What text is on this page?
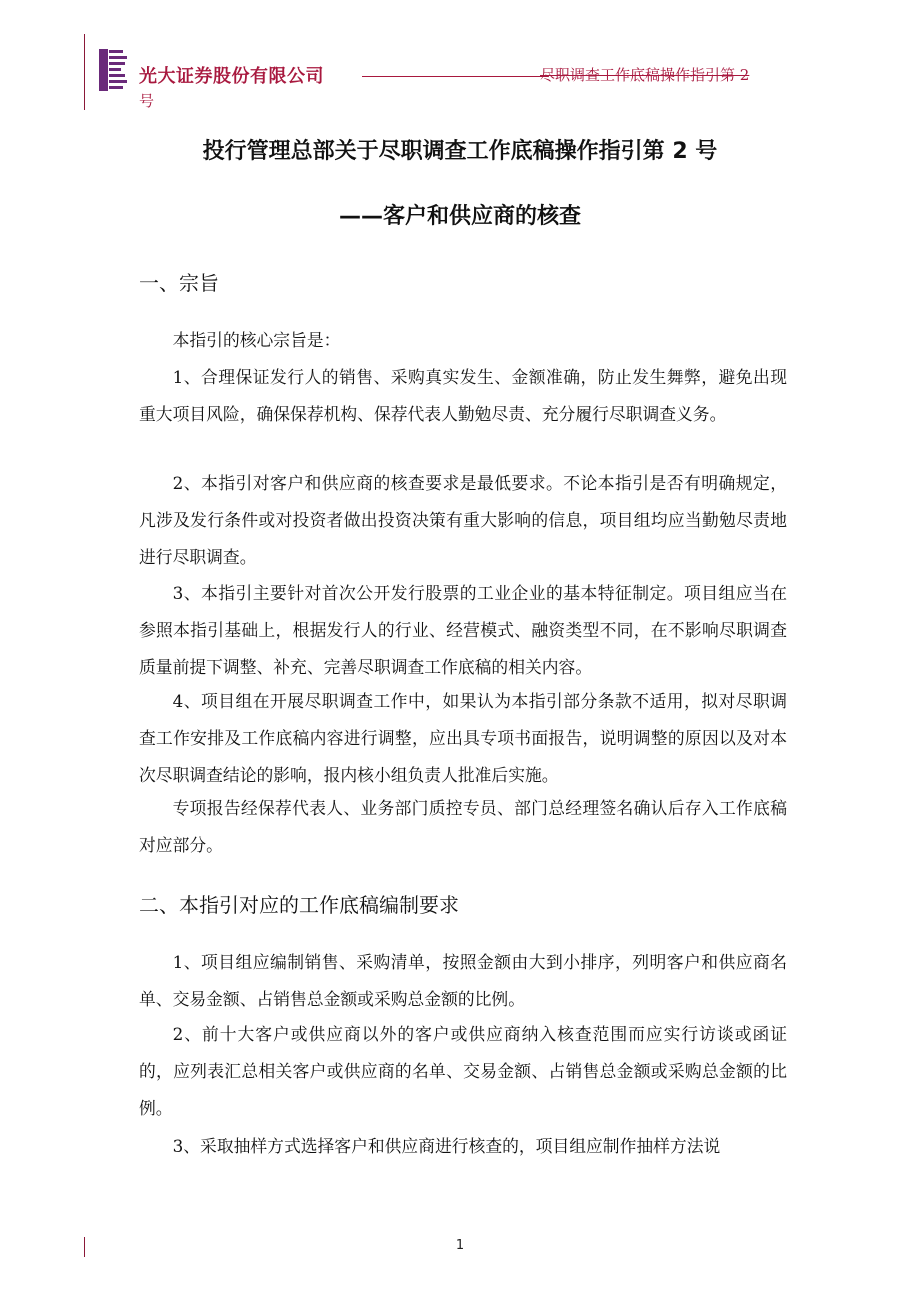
光大证券股份有限公司	尽职调查工作底稿操作指引第 2
号
投行管理总部关于尽职调查工作底稿操作指引第 2 号
——客户和供应商的核查
一、宗旨

本指引的核心宗旨是：

1、合理保证发行人的销售、采购真实发生、金额准确，防止发生舞弊，避免出现重大项目风险，确保保荐机构、保荐代表人勤勉尽责、充分履行尽职调查义务。

2、本指引对客户和供应商的核查要求是最低要求。不论本指引是否有明确规定，凡涉及发行条件或对投资者做出投资决策有重大影响的信息，项目组均应当勤勉尽责地进行尽职调查。

3、本指引主要针对首次公开发行股票的工业企业的基本特征制定。项目组应当在参照本指引基础上，根据发行人的行业、经营模式、融资类型不同，在不影响尽职调查质量前提下调整、补充、完善尽职调查工作底稿的相关内容。

4、项目组在开展尽职调查工作中，如果认为本指引部分条款不适用，拟对尽职调查工作安排及工作底稿内容进行调整，应出具专项书面报告，说明调整的原因以及对本次尽职调查结论的影响，报内核小组负责人批准后实施。

专项报告经保荐代表人、业务部门质控专员、部门总经理签名确认后存入工作底稿对应部分。

二、本指引对应的工作底稿编制要求

1、项目组应编制销售、采购清单，按照金额由大到小排序，列明客户和供应商名单、交易金额、占销售总金额或采购总金额的比例。

2、前十大客户或供应商以外的客户或供应商纳入核查范围而应实行访谈或函证的，应列表汇总相关客户或供应商的名单、交易金额、占销售总金额或采购总金额的比例。

3、采取抽样方式选择客户和供应商进行核查的，项目组应制作抽样方法说

1
